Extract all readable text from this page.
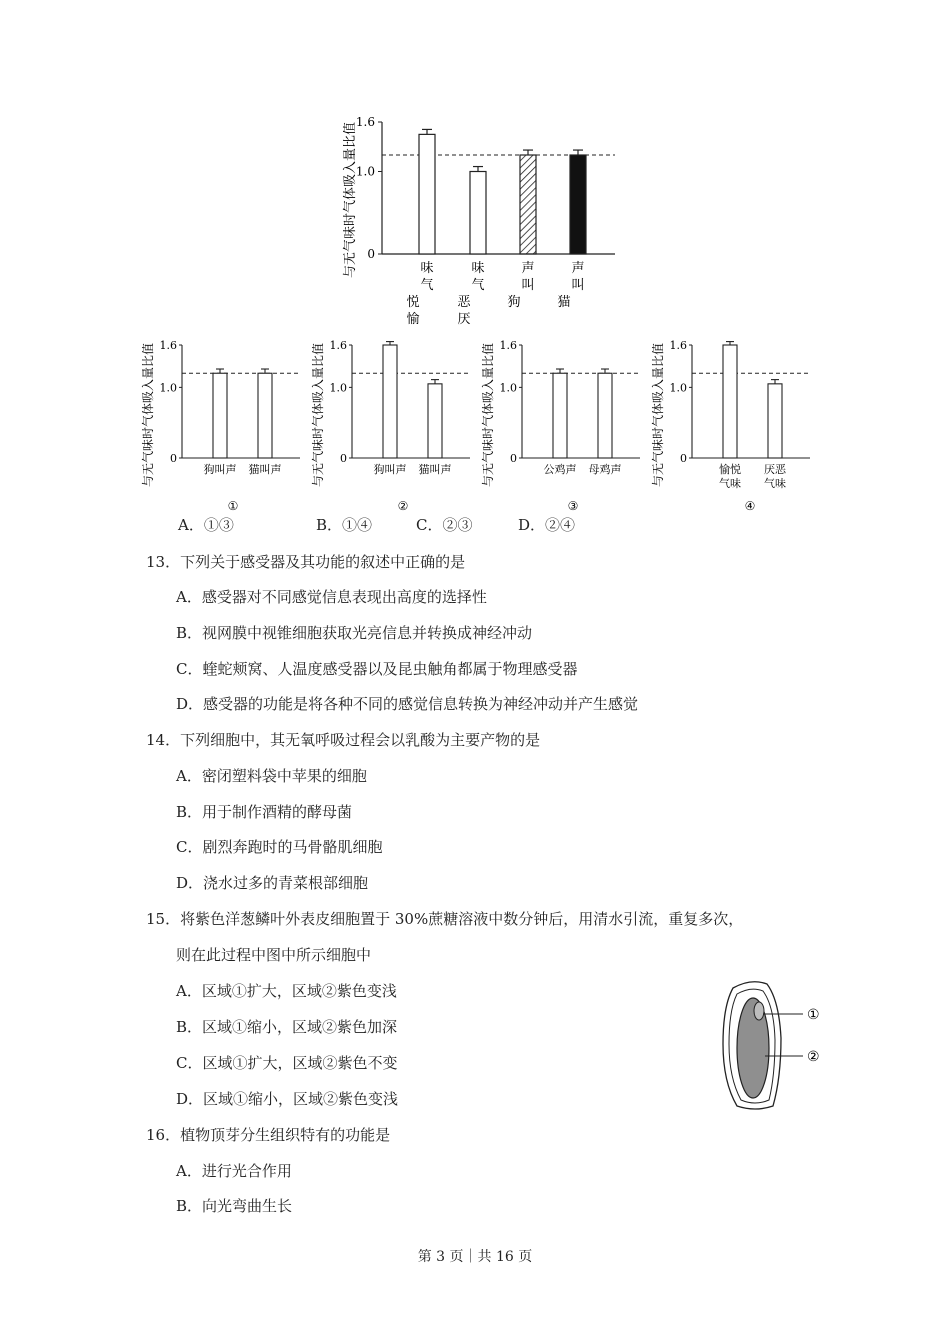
与无气味时气体吸入量比值 0
1.0
1.6
味
气
悦
愉
味
气
恶
厌
声
叫
狗
声
叫
猫
与无气味时气体吸入量比值 0
1.0
1.6
狗叫声 猫叫声
①
与无气味时气体吸入量比值 0
1.0
1.6
狗叫声 猫叫声
②
与无气味时气体吸入量比值 0
1.0
1.6
公鸡声 母鸡声
③
与无气味时气体吸入量比值 0
1.0
1.6
愉悦
气味
厌恶
气味
④
A．①③	B．①④	C．②③	D．②④
13．下列关于感受器及其功能的叙述中正确的是
A．感受器对不同感觉信息表现出高度的选择性
B．视网膜中视锥细胞获取光亮信息并转换成神经冲动
C．蝰蛇颊窝、人温度感受器以及昆虫触角都属于物理感受器
D．感受器的功能是将各种不同的感觉信息转换为神经冲动并产生感觉
14．下列细胞中，其无氧呼吸过程会以乳酸为主要产物的是
A．密闭塑料袋中苹果的细胞
B．用于制作酒精的酵母菌
C．剧烈奔跑时的马骨骼肌细胞
D．浇水过多的青菜根部细胞
15．将紫色洋葱鳞叶外表皮细胞置于 30%蔗糖溶液中数分钟后，用清水引流，重复多次，
则在此过程中图中所示细胞中
A．区域①扩大，区域②紫色变浅
B．区域①缩小，区域②紫色加深
C．区域①扩大，区域②紫色不变
D．区域①缩小，区域②紫色变浅
①
②
16．植物顶芽分生组织特有的功能是
A．进行光合作用
B．向光弯曲生长
第 3 页｜共 16 页
